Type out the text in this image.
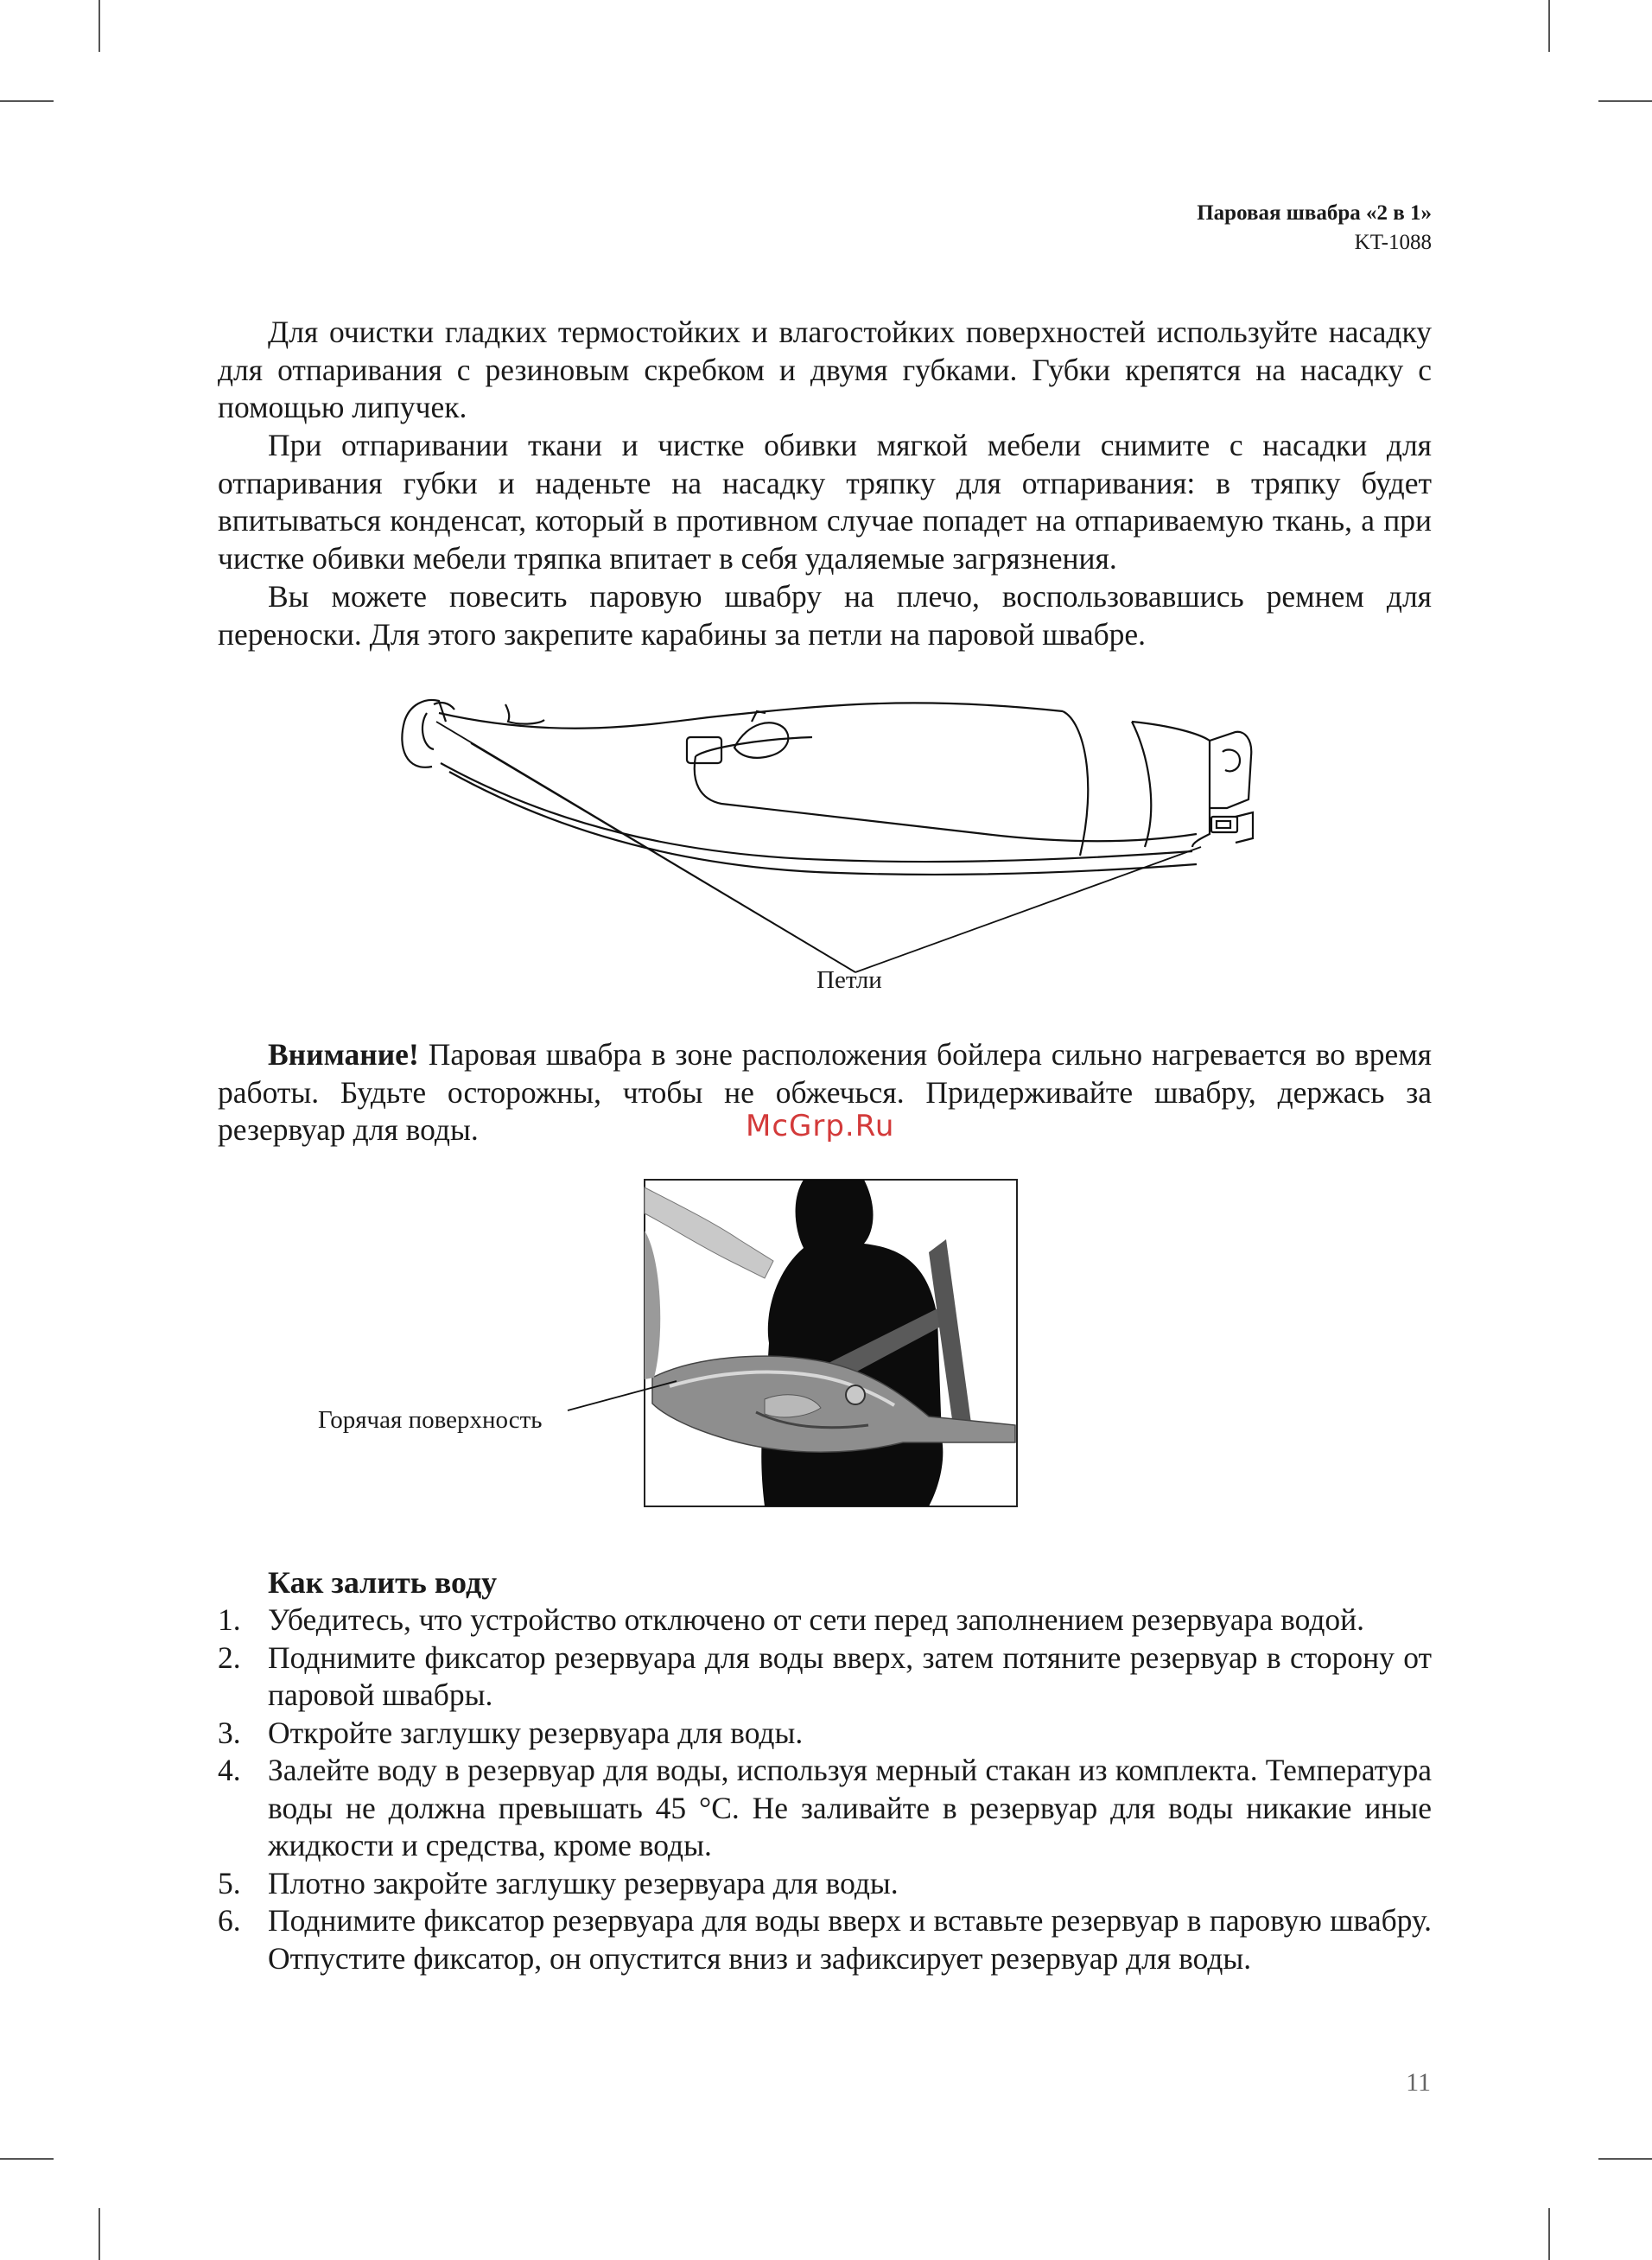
Паровая швабра «2 в 1»
KT-1088

Для очистки гладких термостойких и влагостойких поверхностей используйте насадку для отпаривания с резиновым скребком и двумя губками. Губки крепятся на насадку с помощью липучек.

При отпаривании ткани и чистке обивки мягкой мебели снимите с насадки для отпаривания губки и наденьте на насадку тряпку для отпаривания: в тряпку будет впитываться конденсат, который в противном случае попадет на отпариваемую ткань, а при чистке обивки мебели тряпка впитает в себя удаляемые загрязнения.

Вы можете повесить паровую швабру на плечо, воспользовавшись ремнем для переноски. Для этого закрепите карабины за петли на паровой швабре.

Петли

Внимание! Паровая швабра в зоне расположения бойлера сильно нагревается во время работы. Будьте осторожны, чтобы не обжечься. Придерживайте швабру, держась за резервуар для воды.	McGrp.Ru
Горячая поверхность
Как залить воду
1. Убедитесь, что устройство отключено от сети перед заполнением резервуара водой.
2. Поднимите фиксатор резервуара для воды вверх, затем потяните резервуар в сторону от паровой швабры.
3. Откройте заглушку резервуара для воды.
4. Залейте воду в резервуар для воды, используя мерный стакан из комплекта. Температура воды не должна превышать 45 °C. Не заливайте в резервуар для воды никакие иные жидкости и средства, кроме воды.
5. Плотно закройте заглушку резервуара для воды.
6. Поднимите фиксатор резервуара для воды вверх и вставьте резервуар в паровую швабру. Отпустите фиксатор, он опустится вниз и зафиксирует резервуар для воды.
11
